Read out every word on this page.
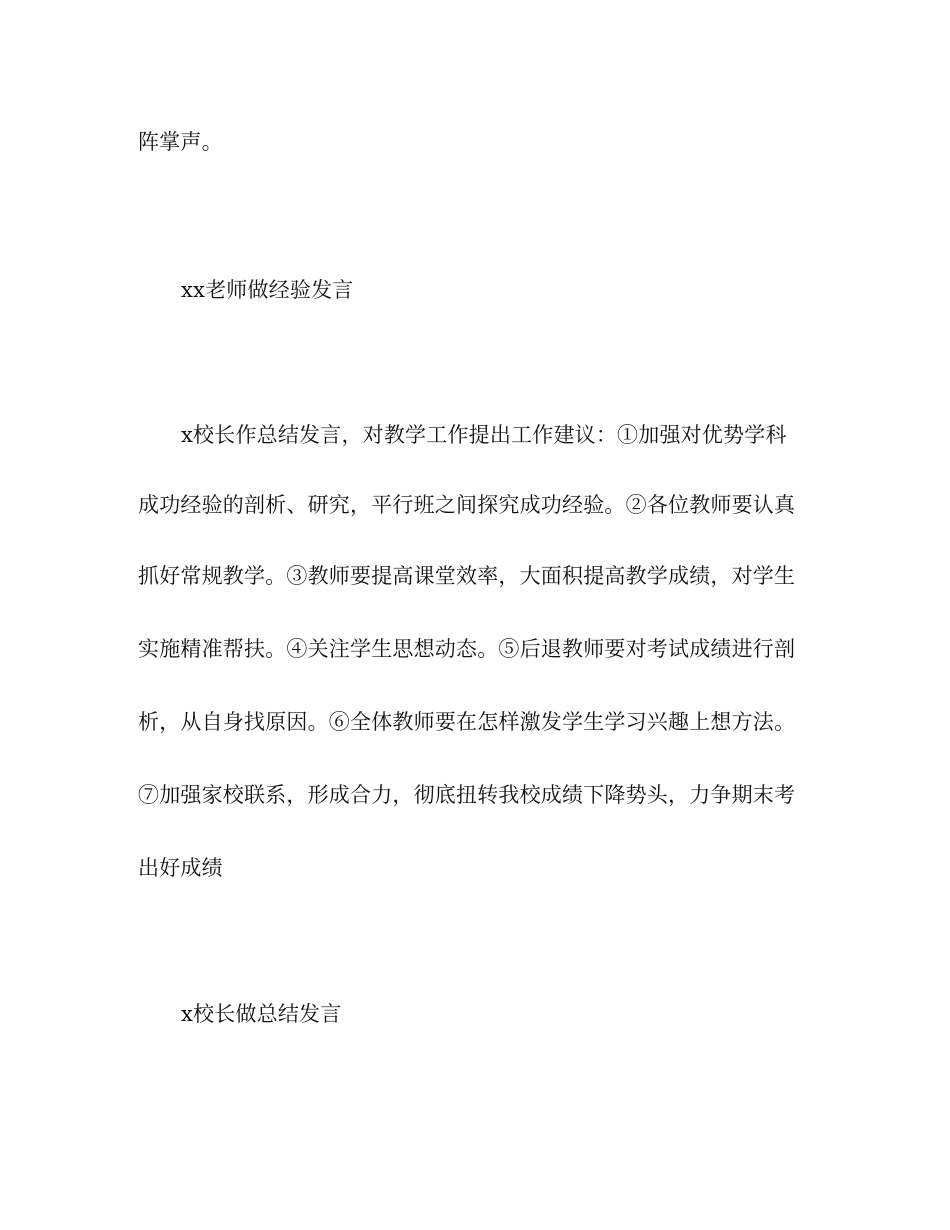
阵掌声。
xx老师做经验发言
x校长作总结发言，对教学工作提出工作建议：①加强对优势学科
成功经验的剖析、研究，平行班之间探究成功经验。②各位教师要认真
抓好常规教学。③教师要提高课堂效率，大面积提高教学成绩，对学生
实施精准帮扶。④关注学生思想动态。⑤后退教师要对考试成绩进行剖
析，从自身找原因。⑥全体教师要在怎样激发学生学习兴趣上想方法。
⑦加强家校联系，形成合力，彻底扭转我校成绩下降势头，力争期末考
出好成绩
x校长做总结发言
